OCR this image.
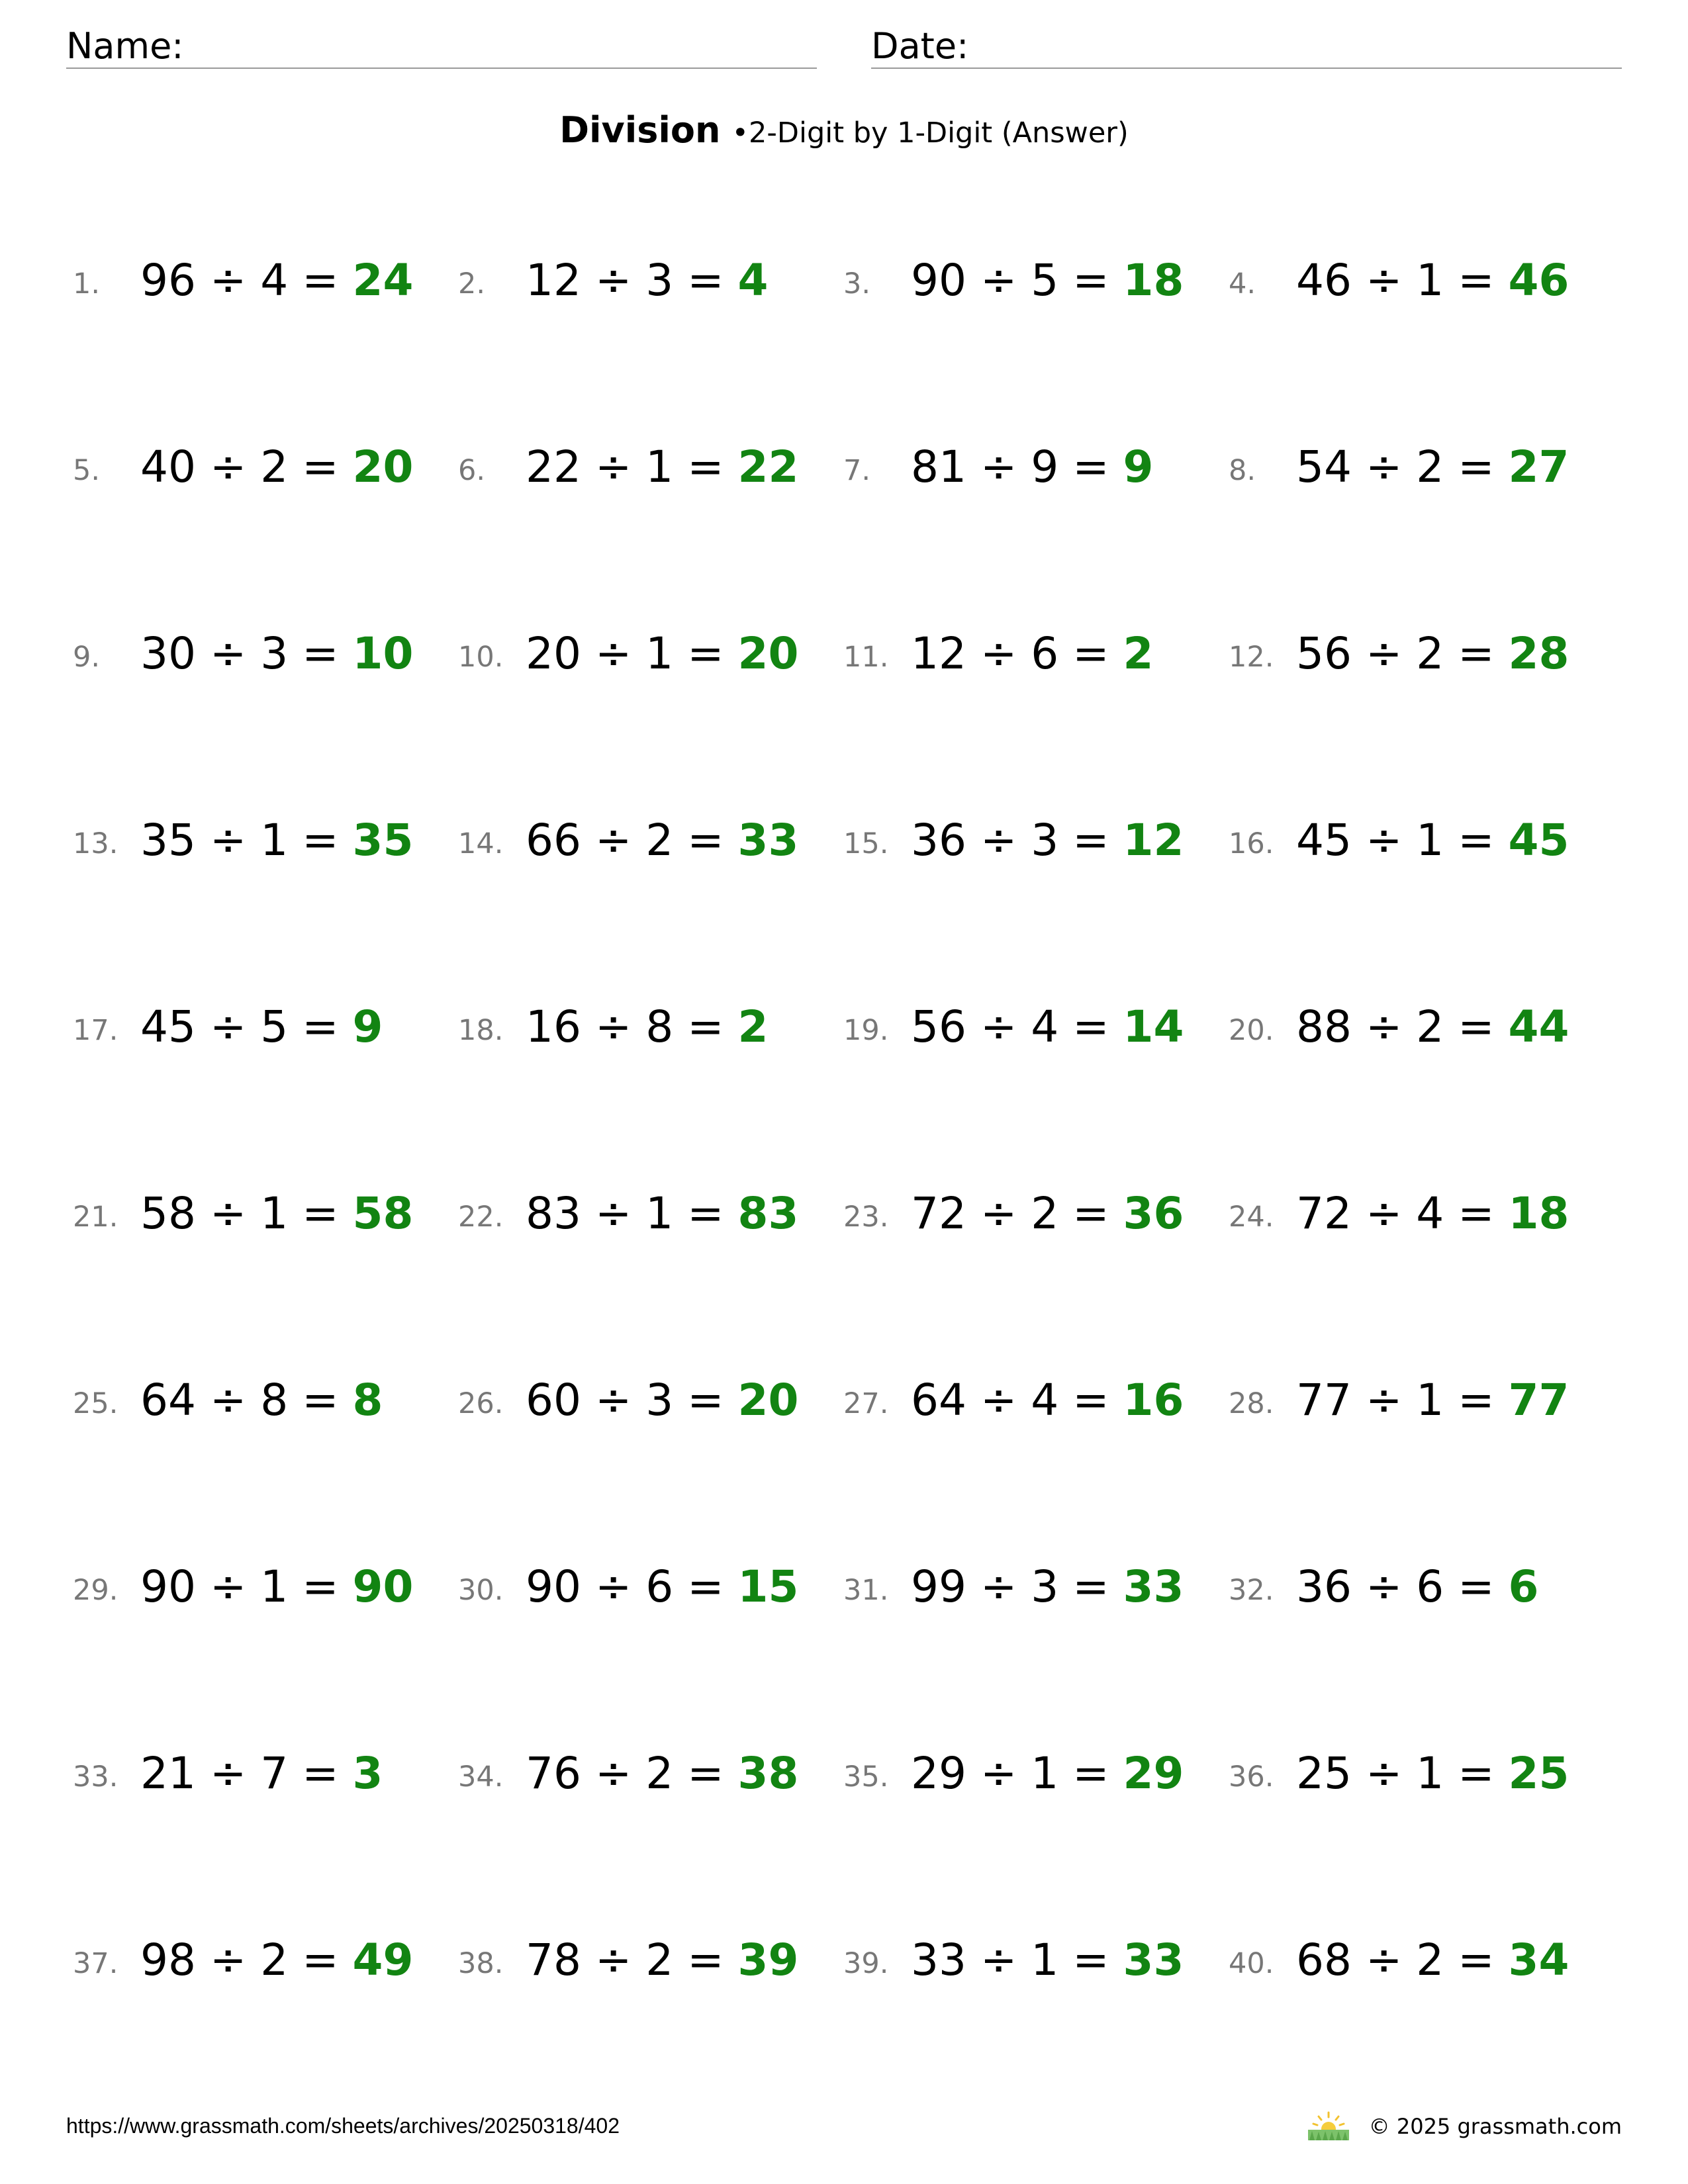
Name:	Date:
Division •2-Digit by 1-Digit (Answer)
1. 96 ÷ 4 = 24 2. 12 ÷ 3 = 4	3. 90 ÷ 5 = 18 4. 46 ÷ 1 = 46
5. 40 ÷ 2 = 20 6. 22 ÷ 1 = 22 7. 81 ÷ 9 = 9	8. 54 ÷ 2 = 27
9. 30 ÷ 3 = 10 10. 20 ÷ 1 = 20 11. 12 ÷ 6 = 2	12. 56 ÷ 2 = 28
13. 35 ÷ 1 = 35 14. 66 ÷ 2 = 33 15. 36 ÷ 3 = 12 16. 45 ÷ 1 = 45
17. 45 ÷ 5 = 9	18. 16 ÷ 8 = 2	19. 56 ÷ 4 = 14 20. 88 ÷ 2 = 44
21. 58 ÷ 1 = 58 22. 83 ÷ 1 = 83 23. 72 ÷ 2 = 36 24. 72 ÷ 4 = 18
25. 64 ÷ 8 = 8	26. 60 ÷ 3 = 20 27. 64 ÷ 4 = 16 28. 77 ÷ 1 = 77
29. 90 ÷ 1 = 90 30. 90 ÷ 6 = 15 31. 99 ÷ 3 = 33 32. 36 ÷ 6 = 6
33. 21 ÷ 7 = 3	34. 76 ÷ 2 = 38 35. 29 ÷ 1 = 29 36. 25 ÷ 1 = 25
37. 98 ÷ 2 = 49 38. 78 ÷ 2 = 39 39. 33 ÷ 1 = 33 40. 68 ÷ 2 = 34
https://www.grassmath.com/sheets/archives/20250318/402	© 2025 grassmath.com
